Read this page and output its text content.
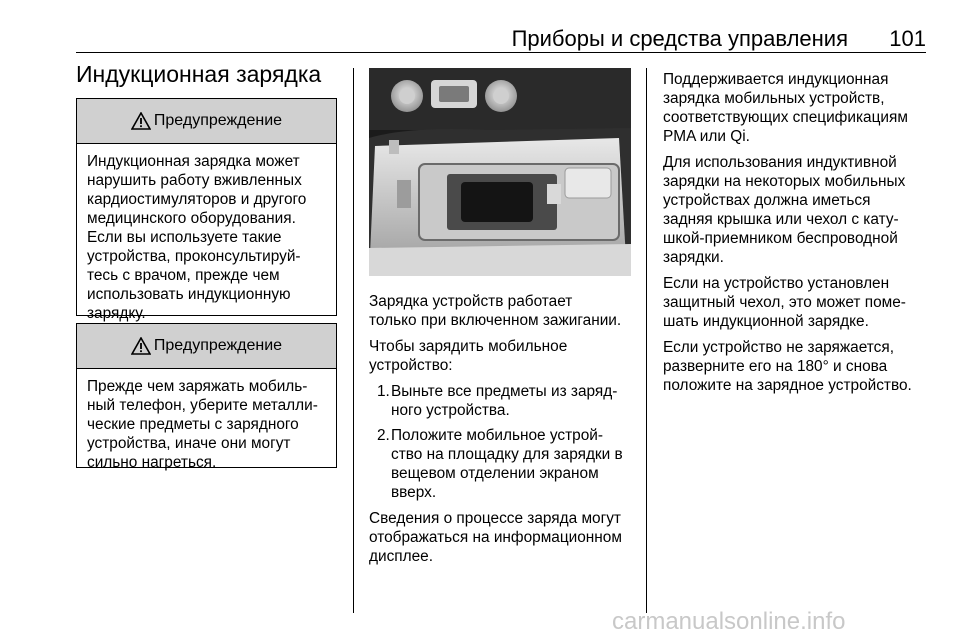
Приборы и средства управления 101
Индукционная зарядка
Предупреждение

Индукционная зарядка может

нарушить работу вживленных

кардиостимуляторов и другого

медицинского оборудования.

Если вы используете такие

устройства, проконсультируй‐

тесь с врачом, прежде чем

использовать индукционную

зарядку.

Предупреждение

Прежде чем заряжать мобиль‐

ный телефон, уберите металли‐

ческие предметы с зарядного

устройства, иначе они могут

сильно нагреться.

Зарядка устройств работает
только при включенном зажигании.

Чтобы зарядить мобильное
устройство:

1. Выньте все предметы из заряд‐
ного устройства.
2. Положите мобильное устрой‐
ство на площадку для зарядки в
вещевом отделении экраном
вверх.

Сведения о процессе заряда могут
отображаться на информационном
дисплее.

Поддерживается индукционная
зарядка мобильных устройств,
соответствующих спецификациям
PMA или Qi.

Для использования индуктивной
зарядки на некоторых мобильных
устройствах должна иметься
задняя крышка или чехол с кату‐
шкой-приемником беспроводной
зарядки.

Если на устройство установлен
защитный чехол, это может поме‐
шать индукционной зарядке.

Если устройство не заряжается,
разверните его на 180° и снова
положите на зарядное устройство.

carmanualsonline.info
